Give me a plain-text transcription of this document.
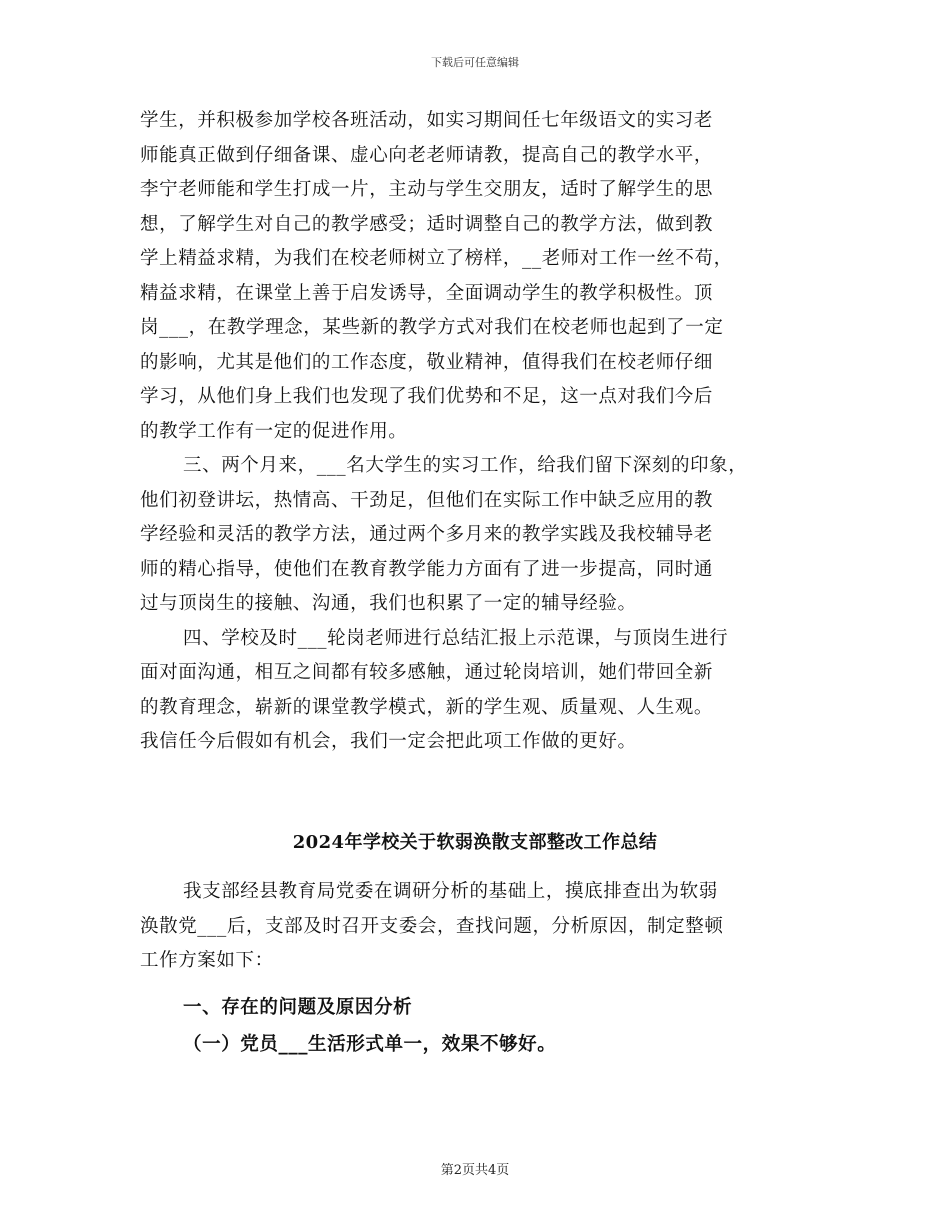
下载后可任意编辑
学生，并积极参加学校各班活动，如实习期间任七年级语文的实习老
师能真正做到仔细备课、虚心向老老师请教，提高自己的教学水平，
李宁老师能和学生打成一片，主动与学生交朋友，适时了解学生的思
想，了解学生对自己的教学感受；适时调整自己的教学方法，做到教
学上精益求精，为我们在校老师树立了榜样，__老师对工作一丝不苟，
精益求精，在课堂上善于启发诱导，全面调动学生的教学积极性。顶
岗___，在教学理念，某些新的教学方式对我们在校老师也起到了一定
的影响，尤其是他们的工作态度，敬业精神，值得我们在校老师仔细
学习，从他们身上我们也发现了我们优势和不足，这一点对我们今后
的教学工作有一定的促进作用。
三、两个月来，___名大学生的实习工作，给我们留下深刻的印象，
他们初登讲坛，热情高、干劲足，但他们在实际工作中缺乏应用的教
学经验和灵活的教学方法，通过两个多月来的教学实践及我校辅导老
师的精心指导，使他们在教育教学能力方面有了进一步提高，同时通
过与顶岗生的接触、沟通，我们也积累了一定的辅导经验。
四、学校及时___轮岗老师进行总结汇报上示范课，与顶岗生进行
面对面沟通，相互之间都有较多感触，通过轮岗培训，她们带回全新
的教育理念，崭新的课堂教学模式，新的学生观、质量观、人生观。
我信任今后假如有机会，我们一定会把此项工作做的更好。
2024年学校关于软弱涣散支部整改工作总结
我支部经县教育局党委在调研分析的基础上，摸底排查出为软弱
涣散党___后，支部及时召开支委会，查找问题，分析原因，制定整顿
工作方案如下：
一、存在的问题及原因分析
（一）党员___生活形式单一，效果不够好。
第2页共4页
